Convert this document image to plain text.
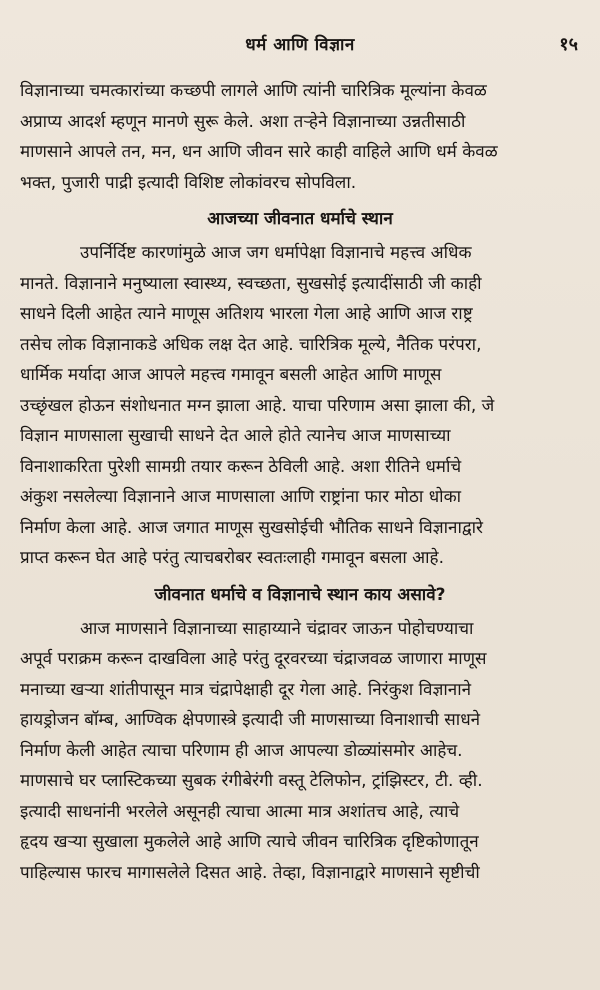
धर्म आणि विज्ञान	१५

विज्ञानाच्या चमत्कारांच्या कच्छपी लागले आणि त्यांनी चारित्रिक मूल्यांना केवळ
अप्राप्य आदर्श म्हणून मानणे सुरू केले. अशा तऱ्हेने विज्ञानाच्या उन्नतीसाठी
माणसाने आपले तन, मन, धन आणि जीवन सारे काही वाहिले आणि धर्म केवळ
भक्त, पुजारी पाद्री इत्यादी विशिष्ट लोकांवरच सोपविला.

आजच्या जीवनात धर्माचे स्थान

उपर्निर्दिष्ट कारणांमुळे आज जग धर्मापेक्षा विज्ञानाचे महत्त्व अधिक
मानते. विज्ञानाने मनुष्याला स्वास्थ्य, स्वच्छता, सुखसोई इत्यादींसाठी जी काही
साधने दिली आहेत त्याने माणूस अतिशय भारला गेला आहे आणि आज राष्ट्र
तसेच लोक विज्ञानाकडे अधिक लक्ष देत आहे. चारित्रिक मूल्ये, नैतिक परंपरा,
धार्मिक मर्यादा आज आपले महत्त्व गमावून बसली आहेत आणि माणूस
उच्छृंखल होऊन संशोधनात मग्न झाला आहे. याचा परिणाम असा झाला की, जे
विज्ञान माणसाला सुखाची साधने देत आले होते त्यानेच आज माणसाच्या
विनाशाकरिता पुरेशी सामग्री तयार करून ठेविली आहे. अशा रीतिने धर्माचे
अंकुश नसलेल्या विज्ञानाने आज माणसाला आणि राष्ट्रांना फार मोठा धोका
निर्माण केला आहे. आज जगात माणूस सुखसोईची भौतिक साधने विज्ञानाद्वारे
प्राप्त करून घेत आहे परंतु त्याचबरोबर स्वतःलाही गमावून बसला आहे.

जीवनात धर्माचे व विज्ञानाचे स्थान काय असावे?

आज माणसाने विज्ञानाच्या साहाय्याने चंद्रावर जाऊन पोहोचण्याचा
अपूर्व पराक्रम करून दाखविला आहे परंतु दूरवरच्या चंद्राजवळ जाणारा माणूस
मनाच्या खऱ्या शांतीपासून मात्र चंद्रापेक्षाही दूर गेला आहे. निरंकुश विज्ञानाने
हायड्रोजन बॉम्ब, आण्विक क्षेपणास्त्रे इत्यादी जी माणसाच्या विनाशाची साधने
निर्माण केली आहेत त्याचा परिणाम ही आज आपल्या डोळ्यांसमोर आहेच.
माणसाचे घर प्लास्टिकच्या सुबक रंगीबेरंगी वस्तू टेलिफोन, ट्रांझिस्टर, टी. व्ही.
इत्यादी साधनांनी भरलेले असूनही त्याचा आत्मा मात्र अशांतच आहे, त्याचे
हृदय खऱ्या सुखाला मुकलेले आहे आणि त्याचे जीवन चारित्रिक दृष्टिकोणातून
पाहिल्यास फारच मागासलेले दिसत आहे. तेव्हा, विज्ञानाद्वारे माणसाने सृष्टीची
